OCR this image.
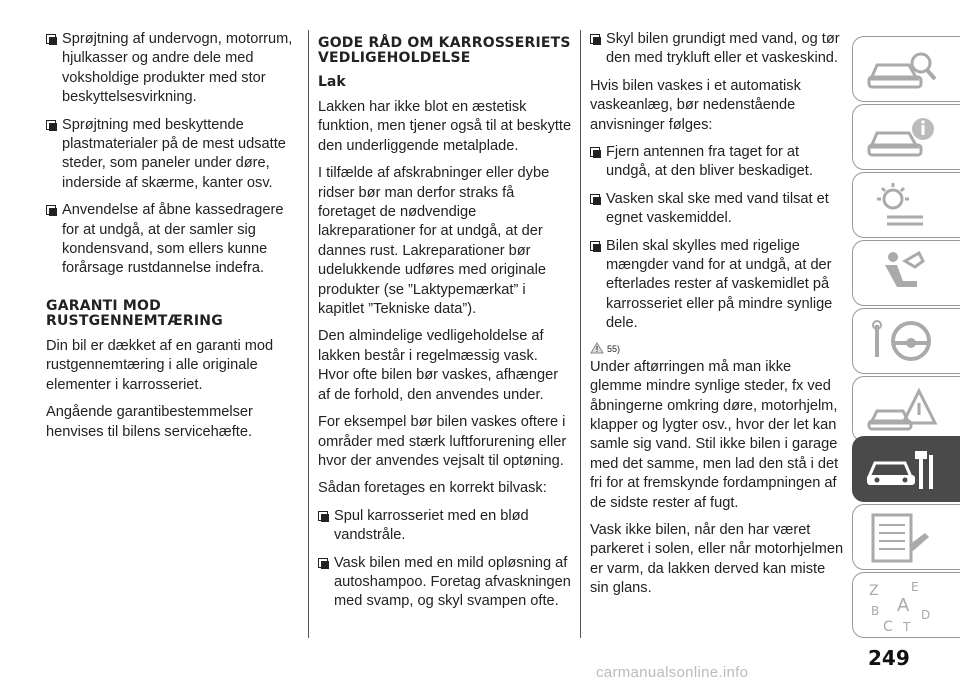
Sprøjtning af undervogn, motorrum, hjulkasser og andre dele med voksholdige produkter med stor beskyttelsesvirkning.
Sprøjtning med beskyttende plastmaterialer på de mest udsatte steder, som paneler under døre, inderside af skærme, kanter osv.
Anvendelse af åbne kassedragere for at undgå, at der samler sig kondensvand, som ellers kunne forårsage rustdannelse indefra.
GARANTI MOD RUSTGENNEMTÆRING

Din bil er dækket af en garanti mod rustgennemtæring i alle originale elementer i karrosseriet.

Angående garantibestemmelser henvises til bilens servicehæfte.

GODE RÅD OM KARROSSERIETS VEDLIGEHOLDELSE
Lak

Lakken har ikke blot en æstetisk funktion, men tjener også til at beskytte den underliggende metalplade.

I tilfælde af afskrabninger eller dybe ridser bør man derfor straks få foretaget de nødvendige lakreparationer for at undgå, at der dannes rust. Lakreparationer bør udelukkende udføres med originale produkter (se ”Laktypemærkat” i kapitlet ”Tekniske data”).

Den almindelige vedligeholdelse af lakken består i regelmæssig vask. Hvor ofte bilen bør vaskes, afhænger af de forhold, den anvendes under.

For eksempel bør bilen vaskes oftere i områder med stærk luftforurening eller hvor der anvendes vejsalt til optøning.

Sådan foretages en korrekt bilvask:

Spul karrosseriet med en blød vandstråle.
Vask bilen med en mild opløsning af autoshampoo. Foretag afvaskningen med svamp, og skyl svampen ofte.
Skyl bilen grundigt med vand, og tør den med trykluft eller et vaskeskind.

Hvis bilen vaskes i et automatisk vaskeanlæg, bør nedenstående anvisninger følges:

Fjern antennen fra taget for at undgå, at den bliver beskadiget.
Vasken skal ske med vand tilsat et egnet vaskemiddel.
Bilen skal skylles med rigelige mængder vand for at undgå, at der efterlades rester af vaskemidlet på karrosseriet eller på mindre synlige dele.
55)

Under aftørringen må man ikke glemme mindre synlige steder, fx ved åbningerne omkring døre, motorhjelm, klapper og lygter osv., hvor der let kan samle sig vand. Stil ikke bilen i garage med det samme, men lad den stå i det fri for at fremskynde fordampningen af de sidste rester af fugt.

Vask ikke bilen, når den har været parkeret i solen, eller når motorhjelmen er varm, da lakken derved kan miste sin glans.	Z	E
B A
C
D
T
249
carmanualsonline.info
